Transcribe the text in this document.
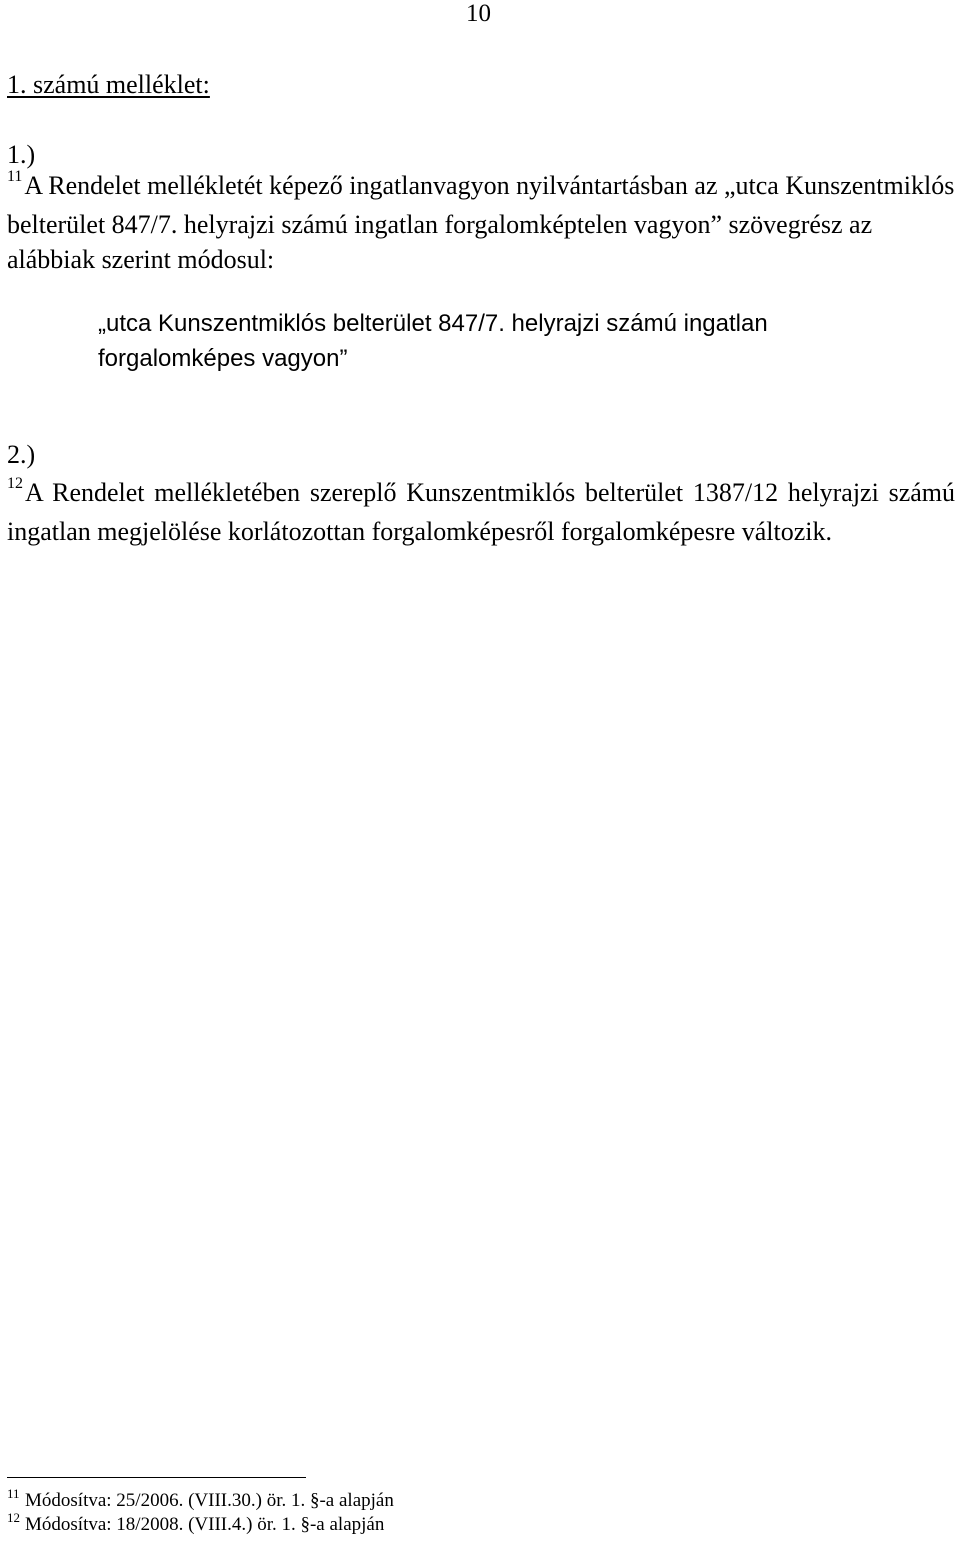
10
1. számú melléklet:
1.)

$^{11}$A Rendelet mellékletét képező ingatlanvagyon nyilvántartásban az „utca Kunszentmiklós belterület 847/7. helyrajzi számú ingatlan forgalomképtelen vagyon” szövegrész az alábbiak szerint módosul:

„utca Kunszentmiklós belterület 847/7. helyrajzi számú ingatlan forgalomképes vagyon”

2.)

$^{12}$A Rendelet mellékletében szereplő Kunszentmiklós belterület 1387/12 helyrajzi számú ingatlan megjelölése korlátozottan forgalomképesről forgalomképesre változik.

11 Módosítva: 25/2006. (VIII.30.) ör. 1. §-a alapján
12 Módosítva: 18/2008. (VIII.4.) ör. 1. §-a alapján
